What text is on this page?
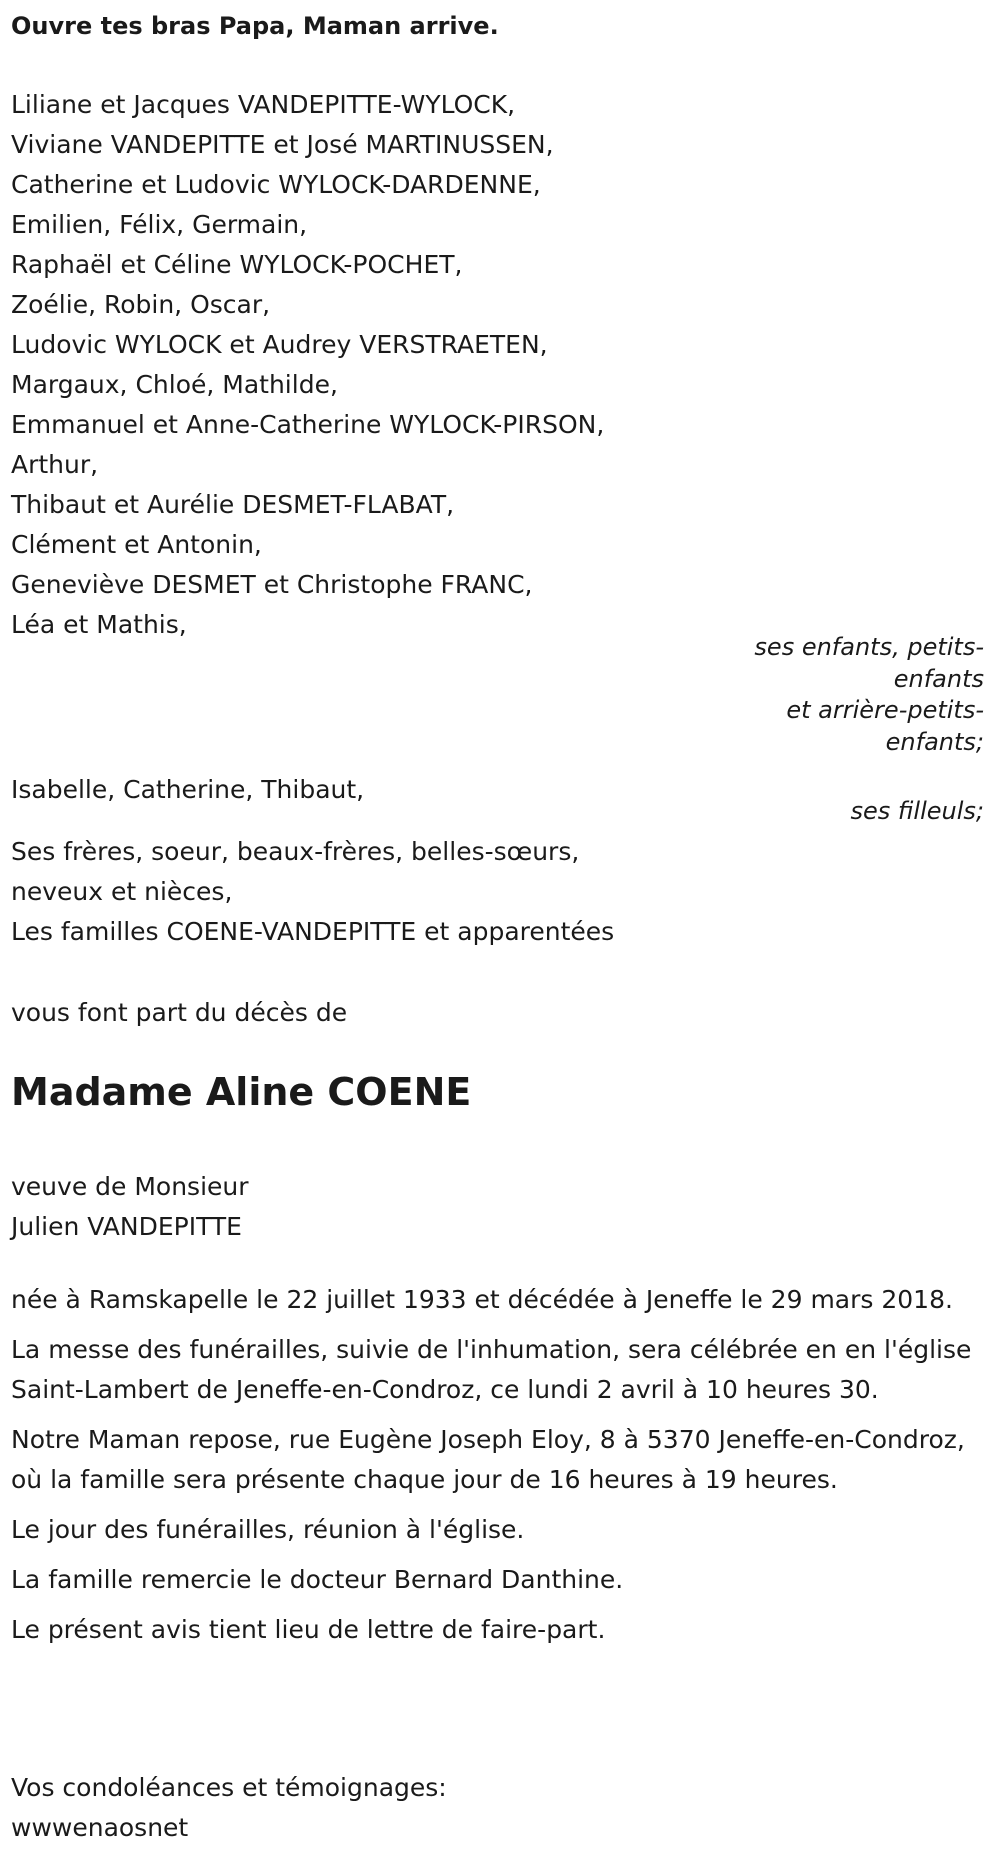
Ouvre tes bras Papa, Maman arrive.
Liliane et Jacques VANDEPITTE-WYLOCK,
Viviane VANDEPITTE et José MARTINUSSEN,
Catherine et Ludovic WYLOCK-DARDENNE,
Emilien, Félix, Germain,
Raphaël et Céline WYLOCK-POCHET,
Zoélie, Robin, Oscar,
Ludovic WYLOCK et Audrey VERSTRAETEN,
Margaux, Chloé, Mathilde,
Emmanuel et Anne-Catherine WYLOCK-PIRSON,
Arthur,
Thibaut et Aurélie DESMET-FLABAT,
Clément et Antonin,
Geneviève DESMET et Christophe FRANC,
Léa et Mathis,
ses enfants, petits-enfants
et arrière-petits-enfants;
Isabelle, Catherine, Thibaut,
ses filleuls;
Ses frères, soeur, beaux-frères, belles-sœurs,
neveux et nièces,
Les familles COENE-VANDEPITTE et apparentées
vous font part du décès de
Madame Aline COENE
veuve de Monsieur
Julien VANDEPITTE

née à Ramskapelle le 22 juillet 1933 et décédée à Jeneffe le 29 mars 2018.

La messe des funérailles, suivie de l'inhumation, sera célébrée en en l'église Saint-Lambert de Jeneffe-en-Condroz, ce lundi 2 avril à 10 heures 30.

Notre Maman repose, rue Eugène Joseph Eloy, 8 à 5370 Jeneffe-en-Condroz, où la famille sera présente chaque jour de 16 heures à 19 heures.

Le jour des funérailles, réunion à l'église.

La famille remercie le docteur Bernard Danthine.

Le présent avis tient lieu de lettre de faire-part.

Vos condoléances et témoignages:
wwwenaosnet
